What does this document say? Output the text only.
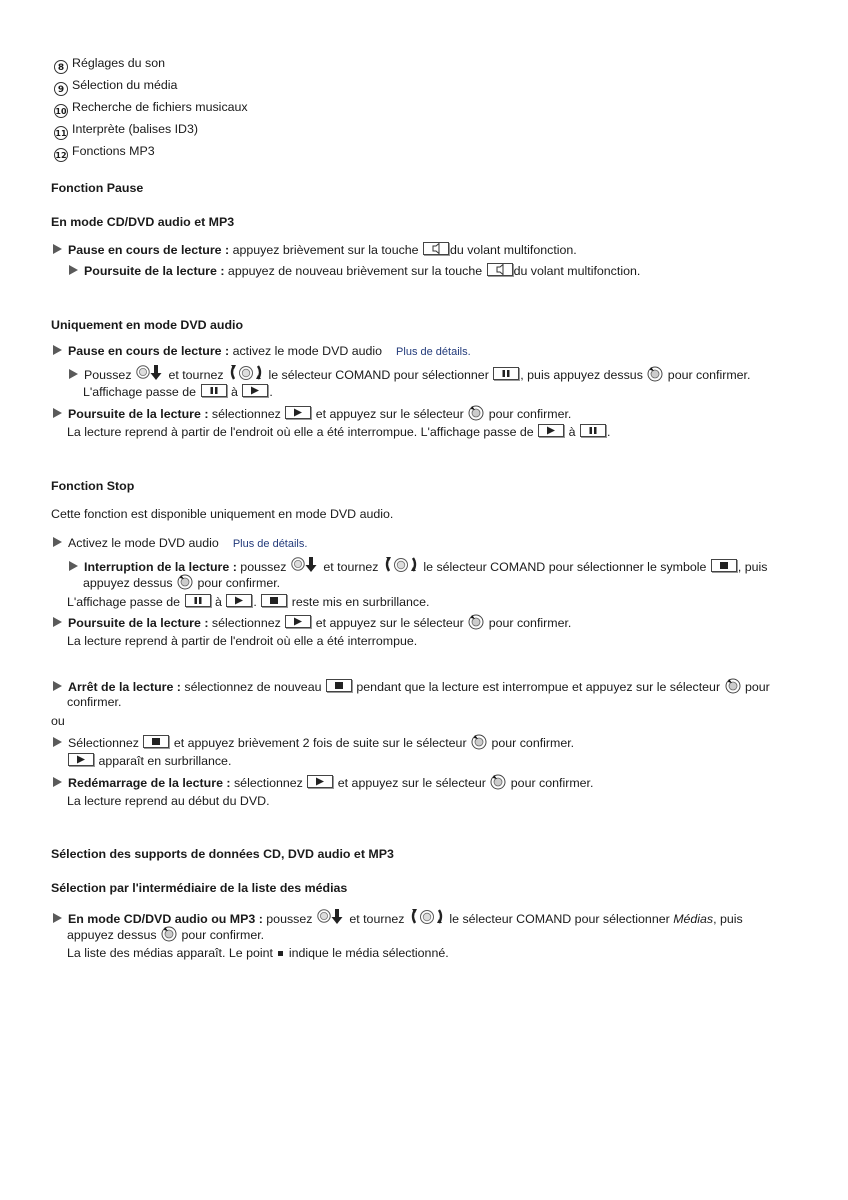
8 Réglages du son
9 Sélection du média
10 Recherche de fichiers musicaux
11 Interprète (balises ID3)
12 Fonctions MP3
Fonction Pause
En mode CD/DVD audio et MP3
Pause en cours de lecture : appuyez brièvement sur la touche	du volant multifonction.
Poursuite de la lecture : appuyez de nouveau brièvement sur la touche	du volant multifonction.
Uniquement en mode DVD audio
Pause en cours de lecture : activez le mode DVD audio Plus de détails.
Poussez	et tournez	le sélecteur COMAND pour sélectionner	, puis appuyez dessus pour confirmer.
L'affichage passe de	à	.
Poursuite de la lecture : sélectionnez	et appuyez sur le sélecteur pour confirmer.
La lecture reprend à partir de l'endroit où elle a été interrompue. L'affichage passe de	à	.
Fonction Stop
Cette fonction est disponible uniquement en mode DVD audio.
Activez le mode DVD audio Plus de détails.
Interruption de la lecture : poussez	et tournez	le sélecteur COMAND pour sélectionner le symbole	, puis
appuyez dessus pour confirmer.
L'affichage passe de	à	.	reste mis en surbrillance.
Poursuite de la lecture : sélectionnez	et appuyez sur le sélecteur pour confirmer.
La lecture reprend à partir de l'endroit où elle a été interrompue.
Arrêt de la lecture : sélectionnez de nouveau	pendant que la lecture est interrompue et appuyez sur le sélecteur pour
confirmer.
ou
Sélectionnez	et appuyez brièvement 2 fois de suite sur le sélecteur pour confirmer.
apparaît en surbrillance.
Redémarrage de la lecture : sélectionnez	et appuyez sur le sélecteur pour confirmer.
La lecture reprend au début du DVD.
Sélection des supports de données CD, DVD audio et MP3
Sélection par l'intermédiaire de la liste des médias
En mode CD/DVD audio ou MP3 : poussez	et tournez	le sélecteur COMAND pour sélectionner Médias, puis
appuyez dessus pour confirmer.
La liste des médias apparaît. Le point indique le média sélectionné.
